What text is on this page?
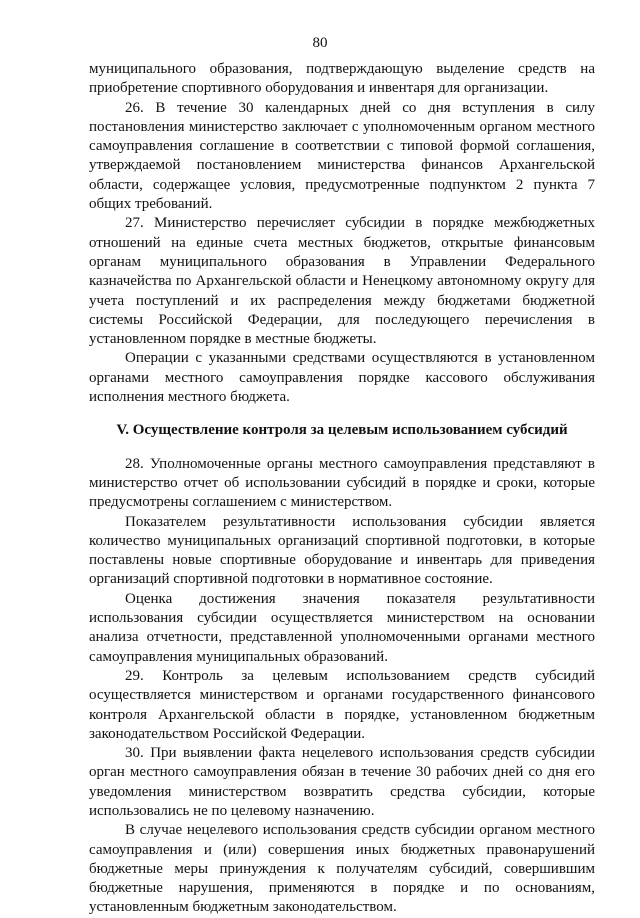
80

муниципального образования, подтверждающую выделение средств на приобретение спортивного оборудования и инвентаря для организации.

26. В течение 30 календарных дней со дня вступления в силу постановления министерство заключает с уполномоченным органом местного самоуправления соглашение в соответствии с типовой формой соглашения, утверждаемой постановлением министерства финансов Архангельской области, содержащее условия, предусмотренные подпунктом 2 пункта 7 общих требований.

27. Министерство перечисляет субсидии в порядке межбюджетных отношений на единые счета местных бюджетов, открытые финансовым органам муниципального образования в Управлении Федерального казначейства по Архангельской области и Ненецкому автономному округу для учета поступлений и их распределения между бюджетами бюджетной системы Российской Федерации, для последующего перечисления в установленном порядке в местные бюджеты.

Операции с указанными средствами осуществляются в установленном органами местного самоуправления порядке кассового обслуживания исполнения местного бюджета.

V. Осуществление контроля за целевым использованием субсидий

28. Уполномоченные органы местного самоуправления представляют в министерство отчет об использовании субсидий в порядке и сроки, которые предусмотрены соглашением с министерством.

Показателем результативности использования субсидии является количество муниципальных организаций спортивной подготовки, в которые поставлены новые спортивные оборудование и инвентарь для приведения организаций спортивной подготовки в нормативное состояние.

Оценка достижения значения показателя результативности использования субсидии осуществляется министерством на основании анализа отчетности, представленной уполномоченными органами местного самоуправления муниципальных образований.

29. Контроль за целевым использованием средств субсидий осуществляется министерством и органами государственного финансового контроля Архангельской области в порядке, установленном бюджетным законодательством Российской Федерации.

30. При выявлении факта нецелевого использования средств субсидии орган местного самоуправления обязан в течение 30 рабочих дней со дня его уведомления министерством возвратить средства субсидии, которые использовались не по целевому назначению.

В случае нецелевого использования средств субсидии органом местного самоуправления и (или) совершения иных бюджетных правонарушений бюджетные меры принуждения к получателям субсидий, совершившим бюджетные нарушения, применяются в порядке и по основаниям, установленным бюджетным законодательством.
